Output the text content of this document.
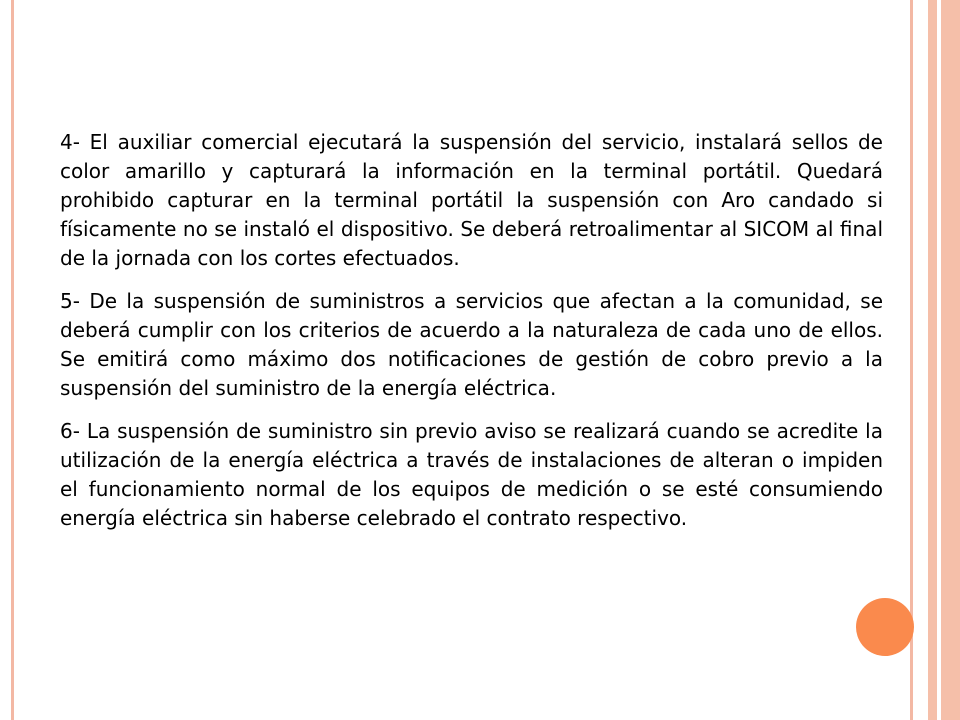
4- El auxiliar comercial ejecutará la suspensión del servicio, instalará sellos de color amarillo y capturará la información en la terminal portátil. Quedará prohibido capturar en la terminal portátil la suspensión con Aro candado si físicamente no se instaló el dispositivo. Se deberá retroalimentar al SICOM al final de la jornada con los cortes efectuados.

5- De la suspensión de suministros a servicios que afectan a la comunidad, se deberá cumplir con los criterios de acuerdo a la naturaleza de cada uno de ellos. Se emitirá como máximo dos notificaciones de gestión de cobro previo a la suspensión del suministro de la energía eléctrica.

6- La suspensión de suministro sin previo aviso se realizará cuando se acredite la utilización de la energía eléctrica a través de instalaciones de alteran o impiden el funcionamiento normal de los equipos de medición o se esté consumiendo energía eléctrica sin haberse celebrado el contrato respectivo.
